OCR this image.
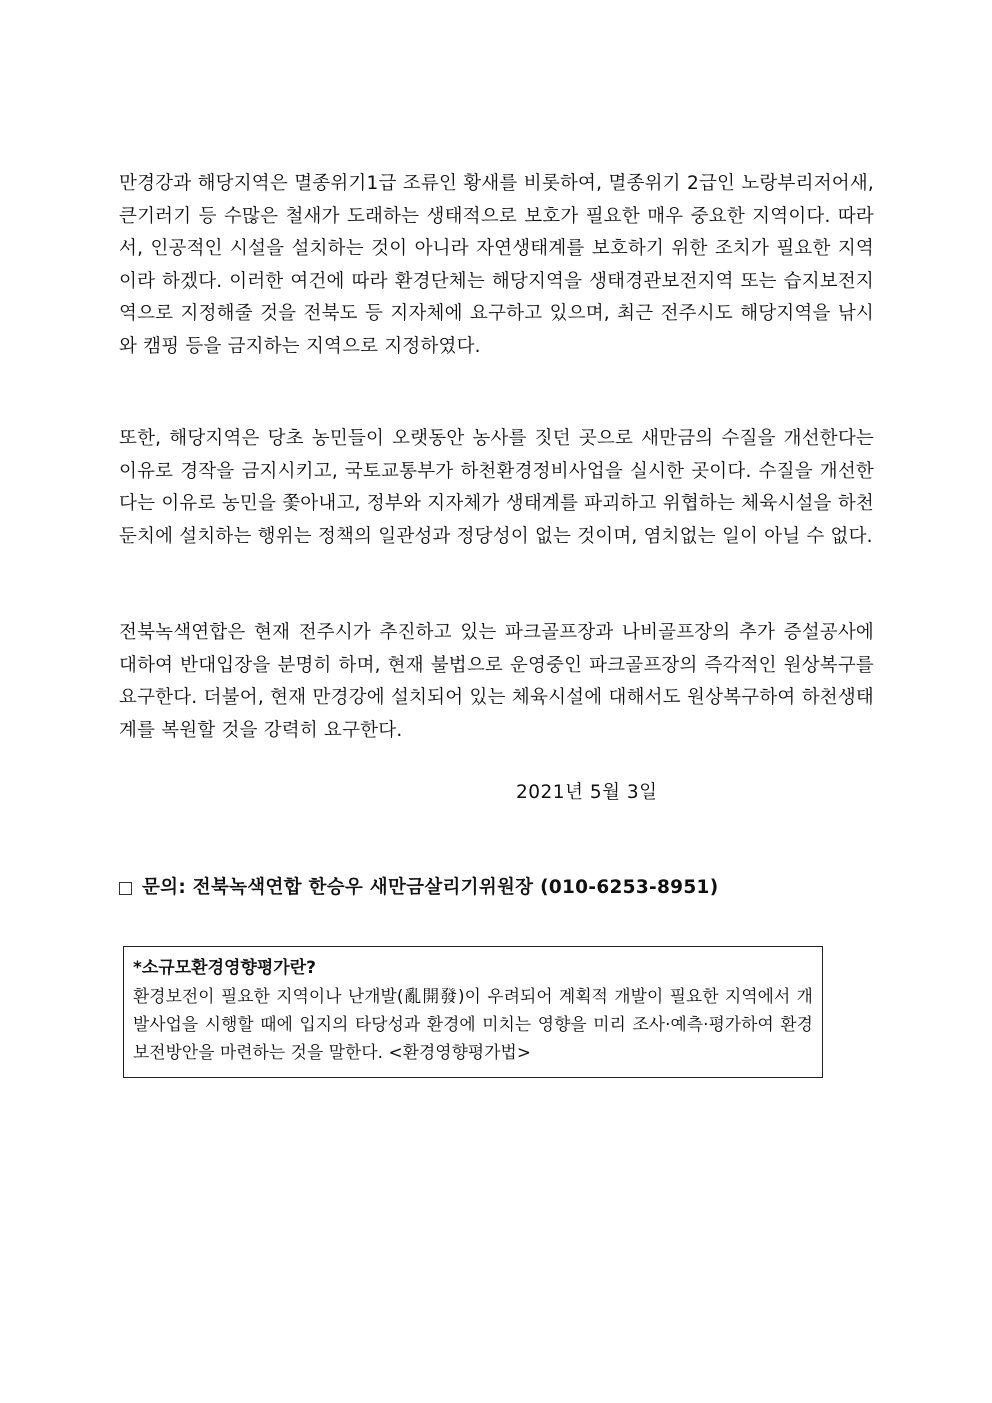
만경강과 해당지역은 멸종위기1급 조류인 황새를 비롯하여, 멸종위기 2급인 노랑부리저어새, 큰기러기 등 수많은 철새가 도래하는 생태적으로 보호가 필요한 매우 중요한 지역이다. 따라서, 인공적인 시설을 설치하는 것이 아니라 자연생태계를 보호하기 위한 조치가 필요한 지역이라 하겠다. 이러한 여건에 따라 환경단체는 해당지역을 생태경관보전지역 또는 습지보전지역으로 지정해줄 것을 전북도 등 지자체에 요구하고 있으며, 최근 전주시도 해당지역을 낚시와 캠핑 등을 금지하는 지역으로 지정하였다.

또한, 해당지역은 당초 농민들이 오랫동안 농사를 짓던 곳으로 새만금의 수질을 개선한다는 이유로 경작을 금지시키고, 국토교통부가 하천환경정비사업을 실시한 곳이다. 수질을 개선한다는 이유로 농민을 쫓아내고, 정부와 지자체가 생태계를 파괴하고 위협하는 체육시설을 하천둔치에 설치하는 행위는 정책의 일관성과 정당성이 없는 것이며, 염치없는 일이 아닐 수 없다.

전북녹색연합은 현재 전주시가 추진하고 있는 파크골프장과 나비골프장의 추가 증설공사에 대하여 반대입장을 분명히 하며, 현재 불법으로 운영중인 파크골프장의 즉각적인 원상복구를 요구한다. 더불어, 현재 만경강에 설치되어 있는 체육시설에 대해서도 원상복구하여 하천생태계를 복원할 것을 강력히 요구한다.

2021년 5월 3일
문의: 전북녹색연합 한승우 새만금살리기위원장 (010-6253-8951)

*소규모환경영향평가란?

환경보전이 필요한 지역이나 난개발(亂開發)이 우려되어 계획적 개발이 필요한 지역에서 개발사업을 시행할 때에 입지의 타당성과 환경에 미치는 영향을 미리 조사·예측·평가하여 환경보전방안을 마련하는 것을 말한다. <환경영향평가법>
